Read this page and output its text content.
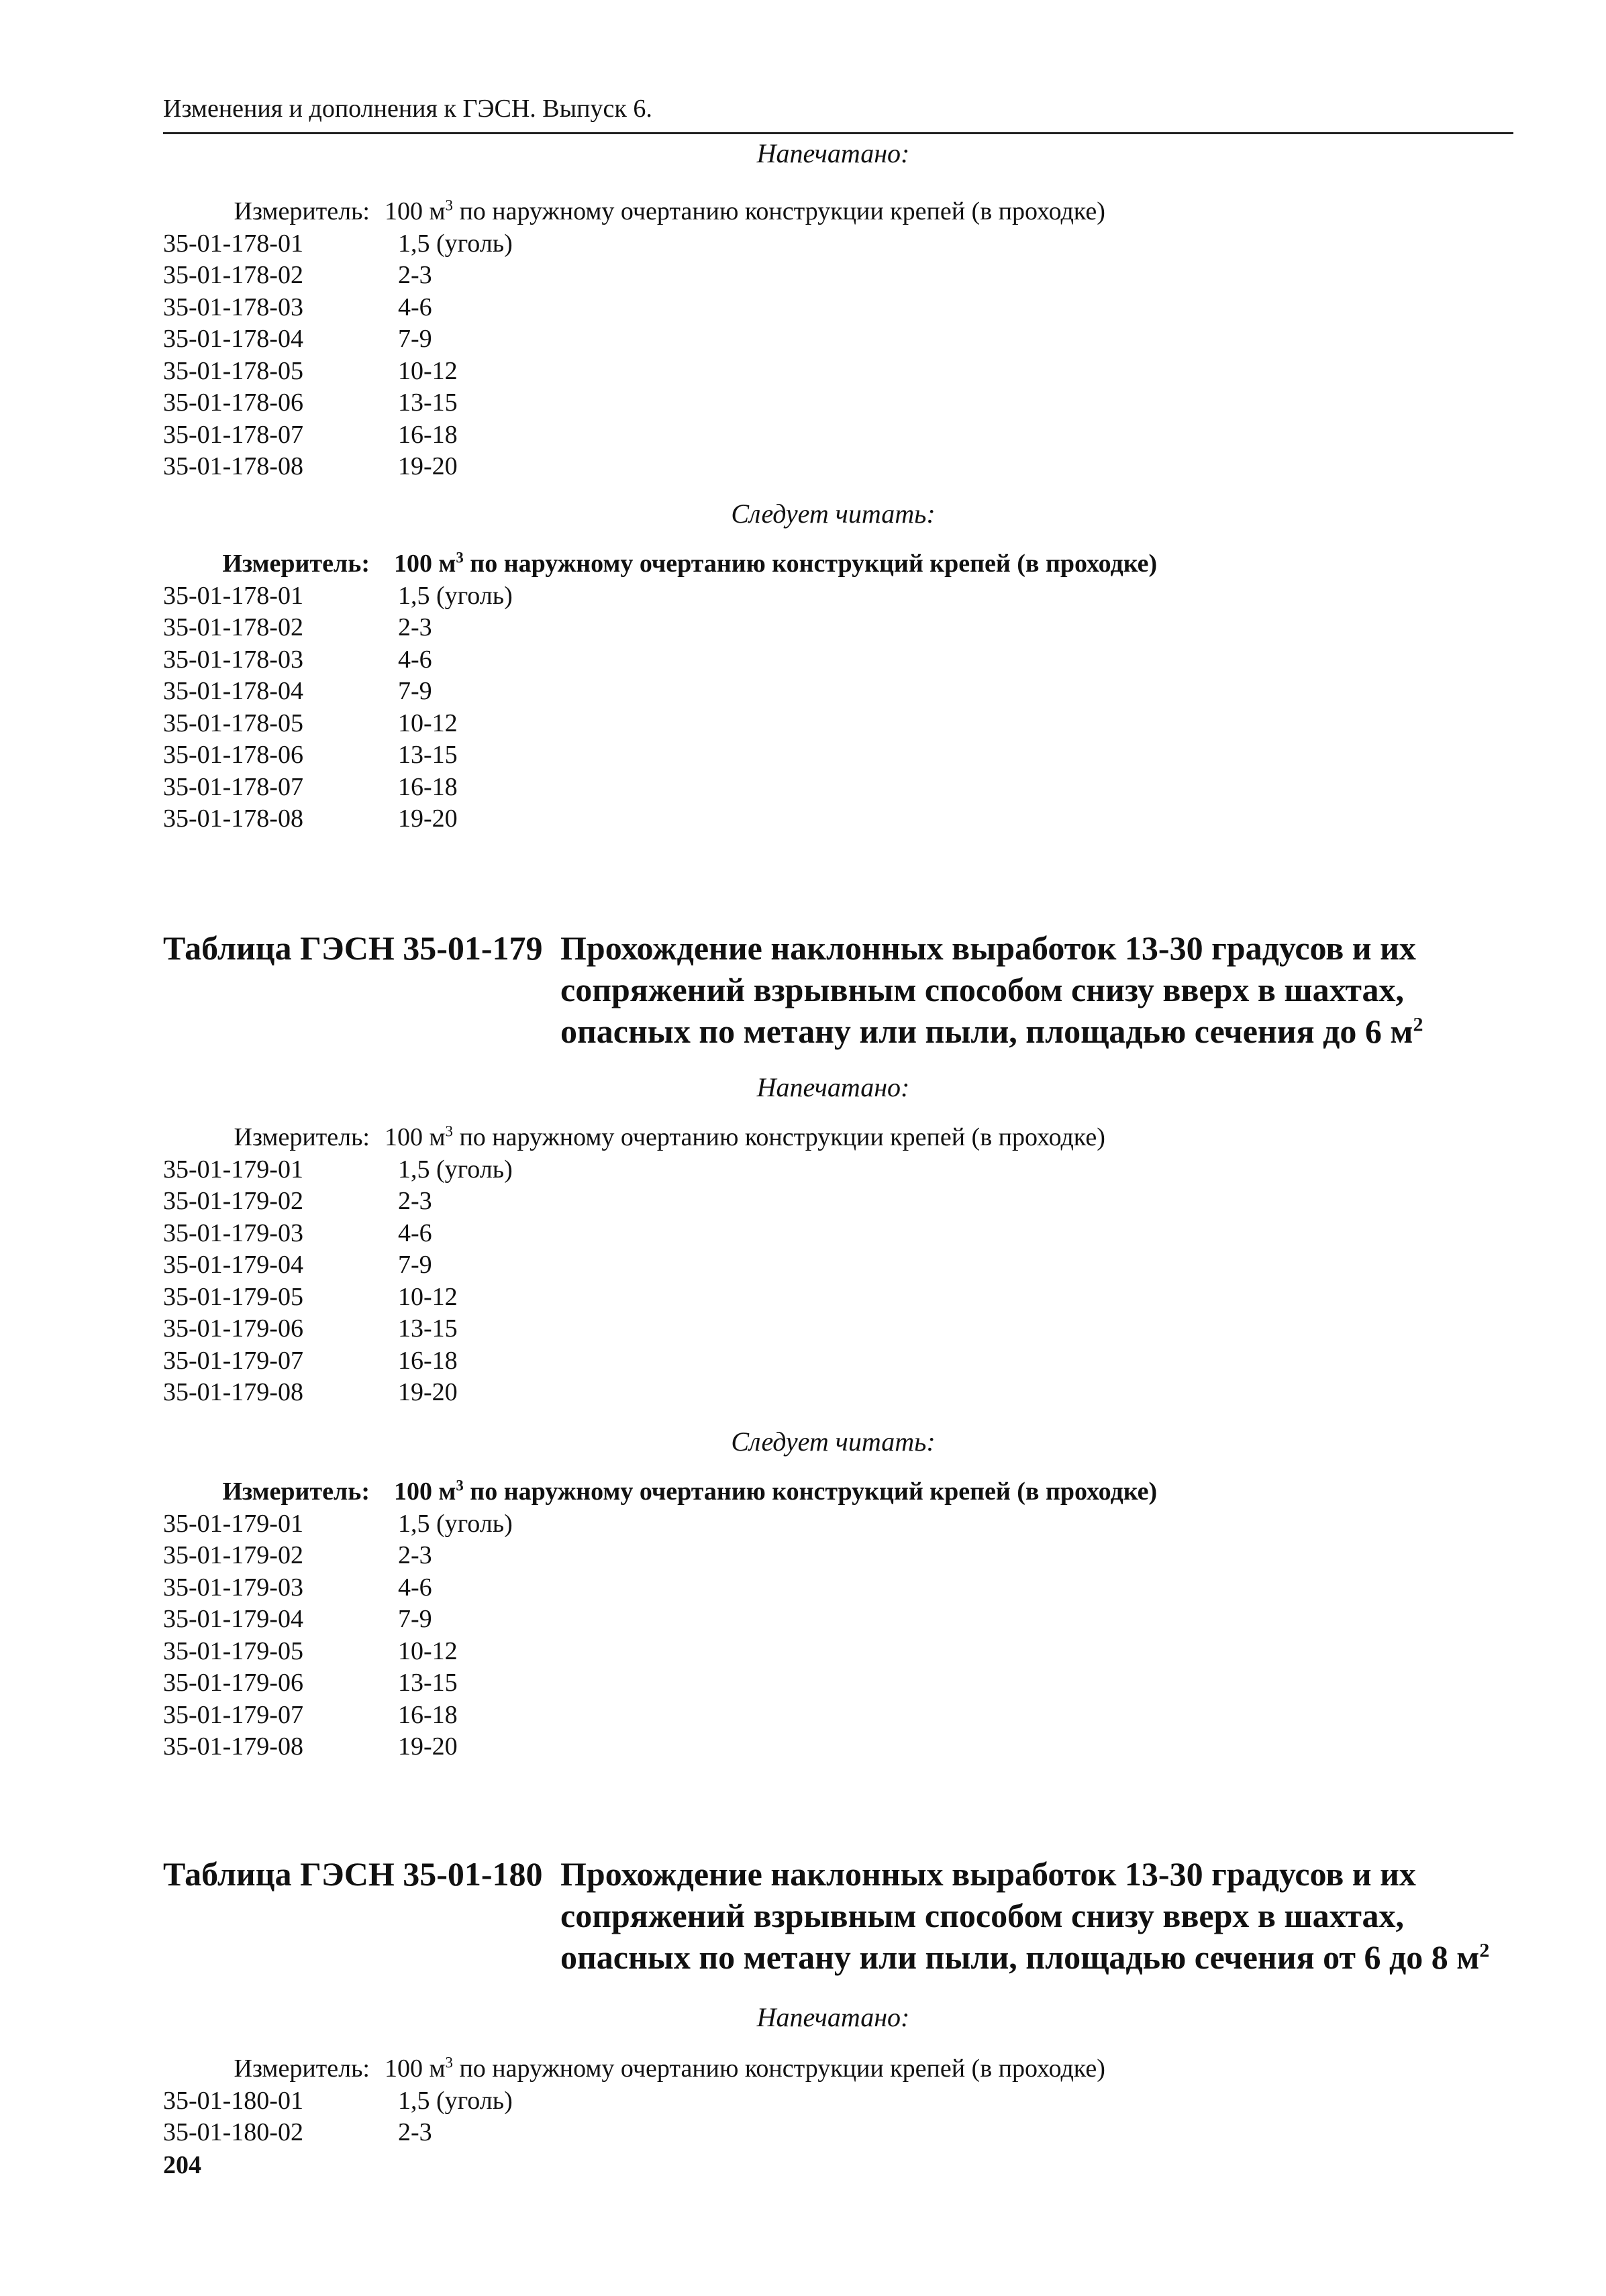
Изменения и дополнения к ГЭСН. Выпуск 6.
Напечатано:
Измеритель: 100 $м^3$ по наружному очертанию конструкции крепей (в проходке)
35-01-178-01	1,5 (уголь)
35-01-178-02	2-3
35-01-178-03	4-6
35-01-178-04	7-9
35-01-178-05	10-12
35-01-178-06	13-15
35-01-178-07	16-18
35-01-178-08	19-20
Следует читать:
Измеритель: 100 $м^3$ по наружному очертанию конструкций крепей (в проходке)
35-01-178-01	1,5 (уголь)
35-01-178-02	2-3
35-01-178-03	4-6
35-01-178-04	7-9
35-01-178-05	10-12
35-01-178-06	13-15
35-01-178-07	16-18
35-01-178-08	19-20
Таблица ГЭСН 35-01-179 Прохождение наклонных выработок 13-30 градусов и их сопряжений взрывным способом снизу вверх в шахтах, опасных по метану или пыли, площадью сечения до 6 $м^2$
Напечатано:
Измеритель: 100 $м^3$ по наружному очертанию конструкции крепей (в проходке)
35-01-179-01	1,5 (уголь)
35-01-179-02	2-3
35-01-179-03	4-6
35-01-179-04	7-9
35-01-179-05	10-12
35-01-179-06	13-15
35-01-179-07	16-18
35-01-179-08	19-20
Следует читать:
Измеритель: 100 $м^3$ по наружному очертанию конструкций крепей (в проходке)
35-01-179-01	1,5 (уголь)
35-01-179-02	2-3
35-01-179-03	4-6
35-01-179-04	7-9
35-01-179-05	10-12
35-01-179-06	13-15
35-01-179-07	16-18
35-01-179-08	19-20
Таблица ГЭСН 35-01-180 Прохождение наклонных выработок 13-30 градусов и их сопряжений взрывным способом снизу вверх в шахтах, опасных по метану или пыли, площадью сечения от 6 до 8 $м^2$
Напечатано:
Измеритель: 100 $м^3$ по наружному очертанию конструкции крепей (в проходке)
35-01-180-01	1,5 (уголь)
35-01-180-02	2-3
204
